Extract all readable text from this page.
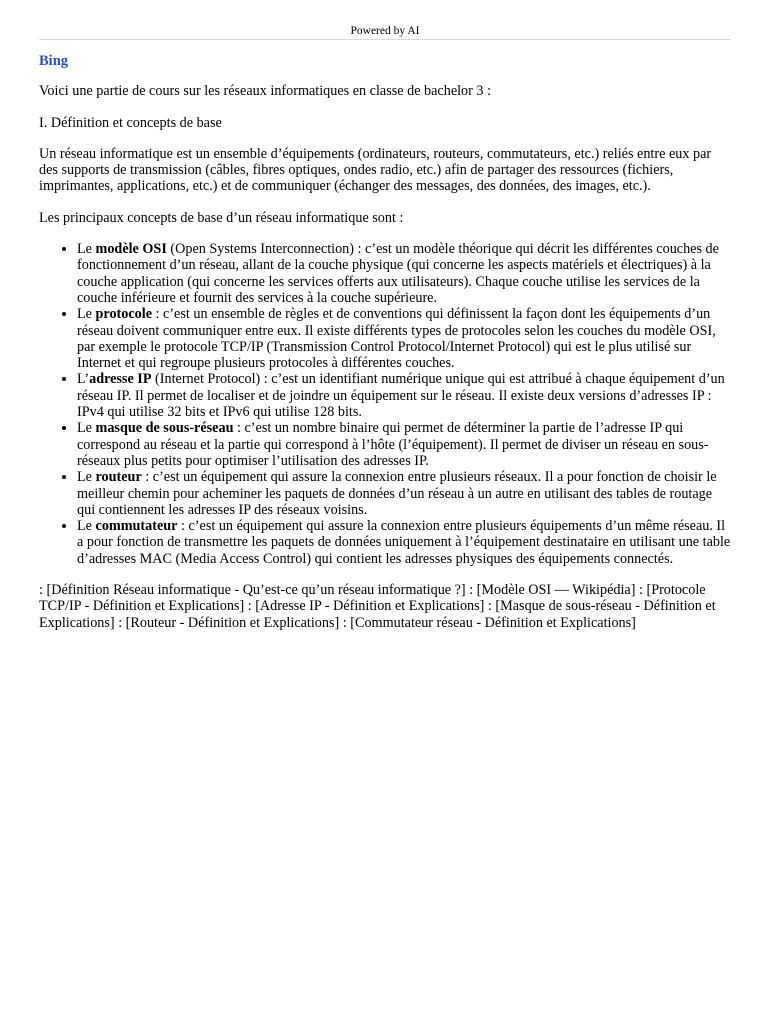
Powered by AI
Bing

Voici une partie de cours sur les réseaux informatiques en classe de bachelor 3 :

I. Définition et concepts de base

Un réseau informatique est un ensemble d’équipements (ordinateurs, routeurs, commutateurs, etc.) reliés entre eux par des supports de transmission (câbles, fibres optiques, ondes radio, etc.) afin de partager des ressources (fichiers, imprimantes, applications, etc.) et de communiquer (échanger des messages, des données, des images, etc.).

Les principaux concepts de base d’un réseau informatique sont :

• Le modèle OSI (Open Systems Interconnection) : c’est un modèle théorique qui décrit les différentes couches de fonctionnement d’un réseau, allant de la couche physique (qui concerne les aspects matériels et électriques) à la couche application (qui concerne les services offerts aux utilisateurs). Chaque couche utilise les services de la couche inférieure et fournit des services à la couche supérieure.
• Le protocole : c’est un ensemble de règles et de conventions qui définissent la façon dont les équipements d’un réseau doivent communiquer entre eux. Il existe différents types de protocoles selon les couches du modèle OSI, par exemple le protocole TCP/IP (Transmission Control Protocol/Internet Protocol) qui est le plus utilisé sur Internet et qui regroupe plusieurs protocoles à différentes couches.
• L’adresse IP (Internet Protocol) : c’est un identifiant numérique unique qui est attribué à chaque équipement d’un réseau IP. Il permet de localiser et de joindre un équipement sur le réseau. Il existe deux versions d’adresses IP : IPv4 qui utilise 32 bits et IPv6 qui utilise 128 bits.
• Le masque de sous-réseau : c’est un nombre binaire qui permet de déterminer la partie de l’adresse IP qui correspond au réseau et la partie qui correspond à l’hôte (l’équipement). Il permet de diviser un réseau en sous-réseaux plus petits pour optimiser l’utilisation des adresses IP.
• Le routeur : c’est un équipement qui assure la connexion entre plusieurs réseaux. Il a pour fonction de choisir le meilleur chemin pour acheminer les paquets de données d’un réseau à un autre en utilisant des tables de routage qui contiennent les adresses IP des réseaux voisins.
• Le commutateur : c’est un équipement qui assure la connexion entre plusieurs équipements d’un même réseau. Il a pour fonction de transmettre les paquets de données uniquement à l’équipement destinataire en utilisant une table d’adresses MAC (Media Access Control) qui contient les adresses physiques des équipements connectés.

: [Définition Réseau informatique - Qu’est-ce qu’un réseau informatique ?] : [Modèle OSI — Wikipédia] : [Protocole TCP/IP - Définition et Explications] : [Adresse IP - Définition et Explications] : [Masque de sous-réseau - Définition et Explications] : [Routeur - Définition et Explications] : [Commutateur réseau - Définition et Explications]
